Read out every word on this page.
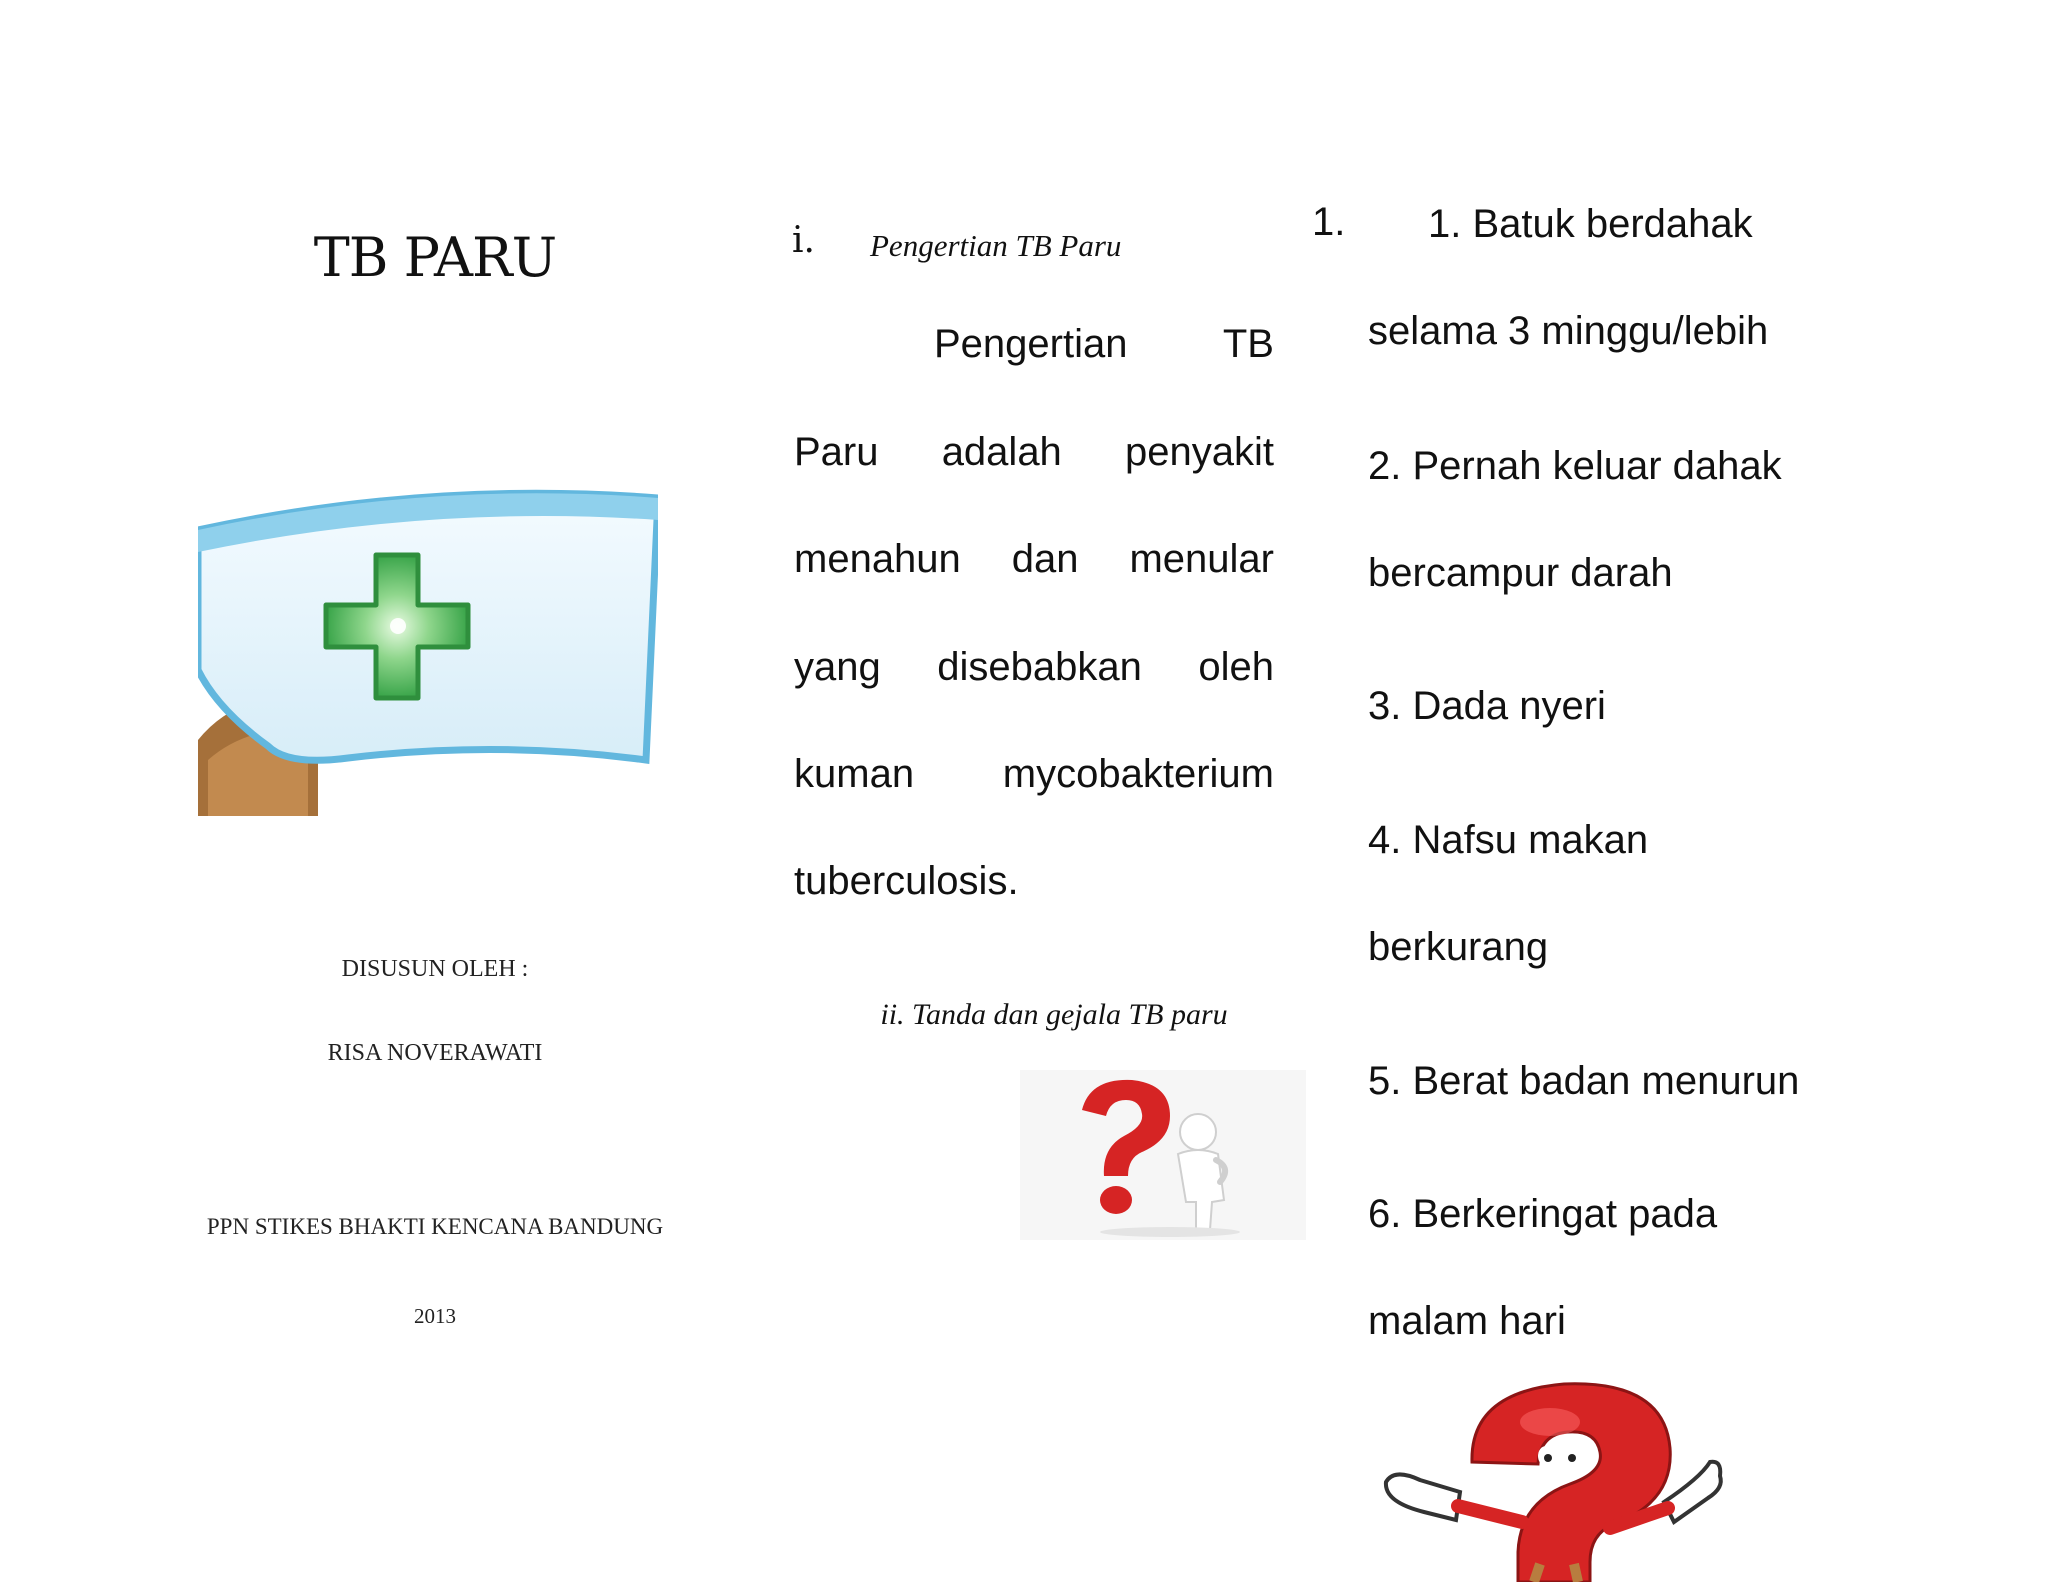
TB PARU
DISUSUN OLEH :
RISA NOVERAWATI
PPN STIKES BHAKTI KENCANA BANDUNG
2013
i. Pengertian TB Paru
Pengertian TB
Paru adalah penyakit
menahun dan menular
yang disebabkan oleh
kuman mycobakterium
tuberculosis.
ii. Tanda dan gejala TB paru
1. 1. Batuk berdahak
selama 3 minggu/lebih
2. Pernah keluar dahak
bercampur darah
3. Dada nyeri
4. Nafsu makan
berkurang
5. Berat badan menurun
6. Berkeringat pada
malam hari
